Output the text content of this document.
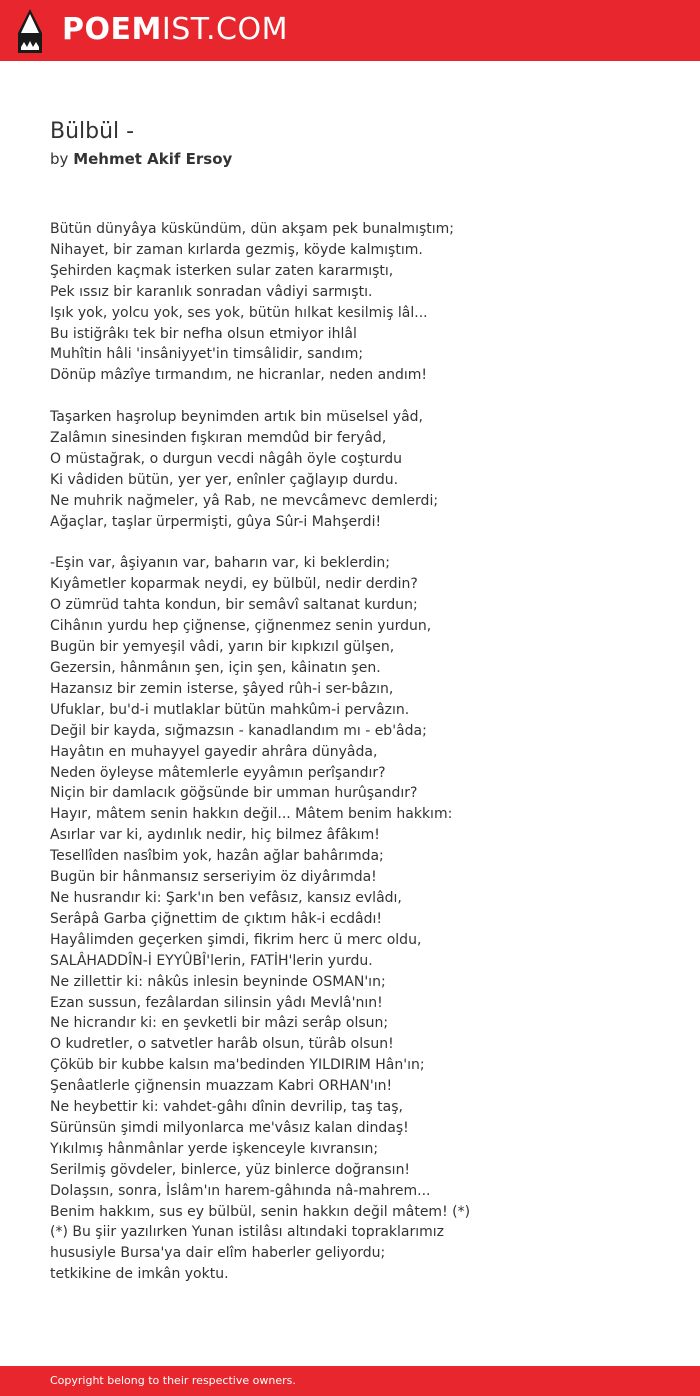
POEMIST.COM
Bülbül -
by Mehmet Akif Ersoy

Bütün dünyâya küskündüm, dün akşam pek bunalmıştım;
Nihayet, bir zaman kırlarda gezmiş, köyde kalmıştım.
Şehirden kaçmak isterken sular zaten kararmıştı,
Pek ıssız bir karanlık sonradan vâdiyi sarmıştı.
Işık yok, yolcu yok, ses yok, bütün hılkat kesilmiş lâl...
Bu istiğrâkı tek bir nefha olsun etmiyor ihlâl
Muhîtin hâli 'insâniyyet'in timsâlidir, sandım;
Dönüp mâzîye tırmandım, ne hicranlar, neden andım!

Taşarken haşrolup beynimden artık bin müselsel yâd,
Zalâmın sinesinden fışkıran memdûd bir feryâd,
O müstağrak, o durgun vecdi nâgâh öyle coşturdu
Ki vâdiden bütün, yer yer, enînler çağlayıp durdu.
Ne muhrik nağmeler, yâ Rab, ne mevcâmevc demlerdi;
Ağaçlar, taşlar ürpermişti, gûya Sûr-i Mahşerdi!

-Eşin var, âşiyanın var, baharın var, ki beklerdin;
Kıyâmetler koparmak neydi, ey bülbül, nedir derdin?
O zümrüd tahta kondun, bir semâvî saltanat kurdun;
Cihânın yurdu hep çiğnense, çiğnenmez senin yurdun,
Bugün bir yemyeşil vâdi, yarın bir kıpkızıl gülşen,
Gezersin, hânmânın şen, için şen, kâinatın şen.
Hazansız bir zemin isterse, şâyed rûh-i ser-bâzın,
Ufuklar, bu'd-i mutlaklar bütün mahkûm-i pervâzın.
Değil bir kayda, sığmazsın - kanadlandım mı - eb'âda;
Hayâtın en muhayyel gayedir ahrâra dünyâda,
Neden öyleyse mâtemlerle eyyâmın perîşandır?
Niçin bir damlacık göğsünde bir umman hurûşandır?
Hayır, mâtem senin hakkın değil... Mâtem benim hakkım:
Asırlar var ki, aydınlık nedir, hiç bilmez âfâkım!
Tesellîden nasîbim yok, hazân ağlar bahârımda;
Bugün bir hânmansız serseriyim öz diyârımda!
Ne husrandır ki: Şark'ın ben vefâsız, kansız evlâdı,
Serâpâ Garba çiğnettim de çıktım hâk-i ecdâdı!
Hayâlimden geçerken şimdi, fikrim herc ü merc oldu,
SALÂHADDÎN-İ EYYÛBÎ'lerin, FATİH'lerin yurdu.
Ne zillettir ki: nâkûs inlesin beyninde OSMAN'ın;
Ezan sussun, fezâlardan silinsin yâdı Mevlâ'nın!
Ne hicrandır ki: en şevketli bir mâzi serâp olsun;
O kudretler, o satvetler harâb olsun, türâb olsun!
Çöküb bir kubbe kalsın ma'bedinden YILDIRIM Hân'ın;
Şenâatlerle çiğnensin muazzam Kabri ORHAN'ın!
Ne heybettir ki: vahdet-gâhı dînin devrilip, taş taş,
Sürünsün şimdi milyonlarca me'vâsız kalan dindaş!
Yıkılmış hânmânlar yerde işkenceyle kıvransın;
Serilmiş gövdeler, binlerce, yüz binlerce doğransın!
Dolaşsın, sonra, İslâm'ın harem-gâhında nâ-mahrem...
Benim hakkım, sus ey bülbül, senin hakkın değil mâtem! (*)
(*) Bu şiir yazılırken Yunan istilâsı altındaki topraklarımız
hususiyle Bursa'ya dair elîm haberler geliyordu;
tetkikine de imkân yoktu.

Copyright belong to their respective owners.
